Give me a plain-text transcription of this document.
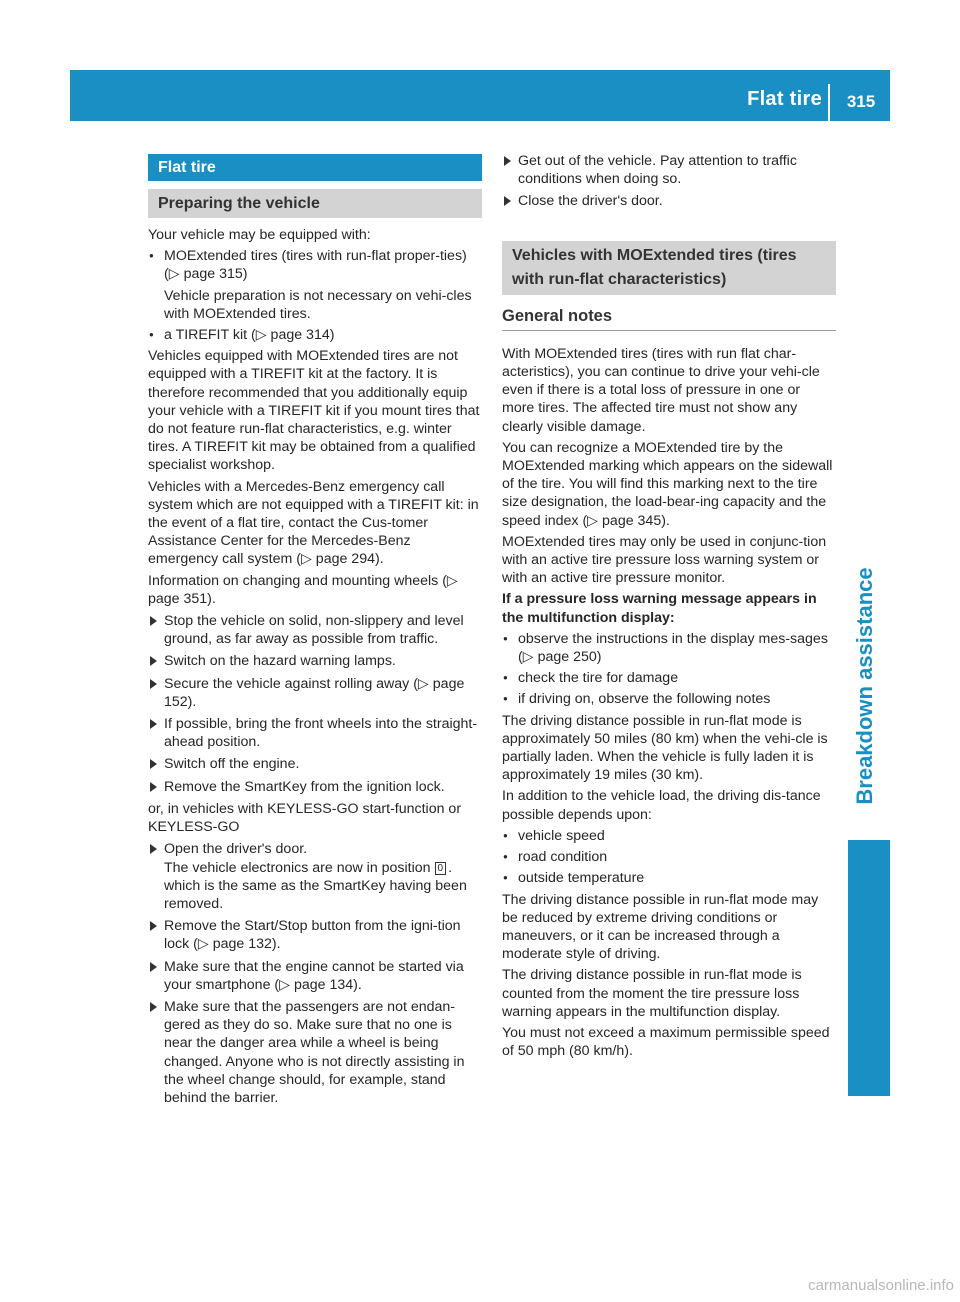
Flat tire	315
Breakdown assistance
Flat tire
Preparing the vehicle

Your vehicle may be equipped with:

● MOExtended tires (tires with run-flat proper-ties) (▷ page 315)

Vehicle preparation is not necessary on vehi-cles with MOExtended tires.

● a TIREFIT kit (▷ page 314)

Vehicles equipped with MOExtended tires are not equipped with a TIREFIT kit at the factory. It is therefore recommended that you additionally equip your vehicle with a TIREFIT kit if you mount tires that do not feature run-flat characteristics, e.g. winter tires. A TIREFIT kit may be obtained from a qualified specialist workshop.

Vehicles with a Mercedes-Benz emergency call system which are not equipped with a TIREFIT kit: in the event of a flat tire, contact the Cus-tomer Assistance Center for the Mercedes-Benz emergency call system (▷ page 294).

Information on changing and mounting wheels (▷ page 351).

Stop the vehicle on solid, non-slippery and level ground, as far away as possible from traffic.
Switch on the hazard warning lamps.
Secure the vehicle against rolling away (▷ page 152).
If possible, bring the front wheels into the straight-ahead position.
Switch off the engine.
Remove the SmartKey from the ignition lock.

or, in vehicles with KEYLESS-GO start-function or KEYLESS-GO

Open the driver's door.
The vehicle electronics are now in position 0 . which is the same as the SmartKey having been removed.
Remove the Start/Stop button from the igni-tion lock (▷ page 132).
Make sure that the engine cannot be started via your smartphone (▷ page 134).
Make sure that the passengers are not endan-gered as they do so. Make sure that no one is near the danger area while a wheel is being changed. Anyone who is not directly assisting in the wheel change should, for example, stand behind the barrier.
Get out of the vehicle. Pay attention to traffic conditions when doing so.
Close the driver's door.
Vehicles with MOExtended tires (tires with run-flat characteristics)
General notes

With MOExtended tires (tires with run flat char-acteristics), you can continue to drive your vehi-cle even if there is a total loss of pressure in one or more tires. The affected tire must not show any clearly visible damage.

You can recognize a MOExtended tire by the MOExtended marking which appears on the sidewall of the tire. You will find this marking next to the tire size designation, the load-bear-ing capacity and the speed index (▷ page 345).

MOExtended tires may only be used in conjunc-tion with an active tire pressure loss warning system or with an active tire pressure monitor.

If a pressure loss warning message appears in the multifunction display:

● observe the instructions in the display mes-sages (▷ page 250)
● check the tire for damage
● if driving on, observe the following notes

The driving distance possible in run-flat mode is approximately 50 miles (80 km) when the vehi-cle is partially laden. When the vehicle is fully laden it is approximately 19 miles (30 km).

In addition to the vehicle load, the driving dis-tance possible depends upon:

● vehicle speed
● road condition
● outside temperature

The driving distance possible in run-flat mode may be reduced by extreme driving conditions or maneuvers, or it can be increased through a moderate style of driving.

The driving distance possible in run-flat mode is counted from the moment the tire pressure loss warning appears in the multifunction display.

You must not exceed a maximum permissible speed of 50 mph (80 km/h).

carmanualsonline.info
